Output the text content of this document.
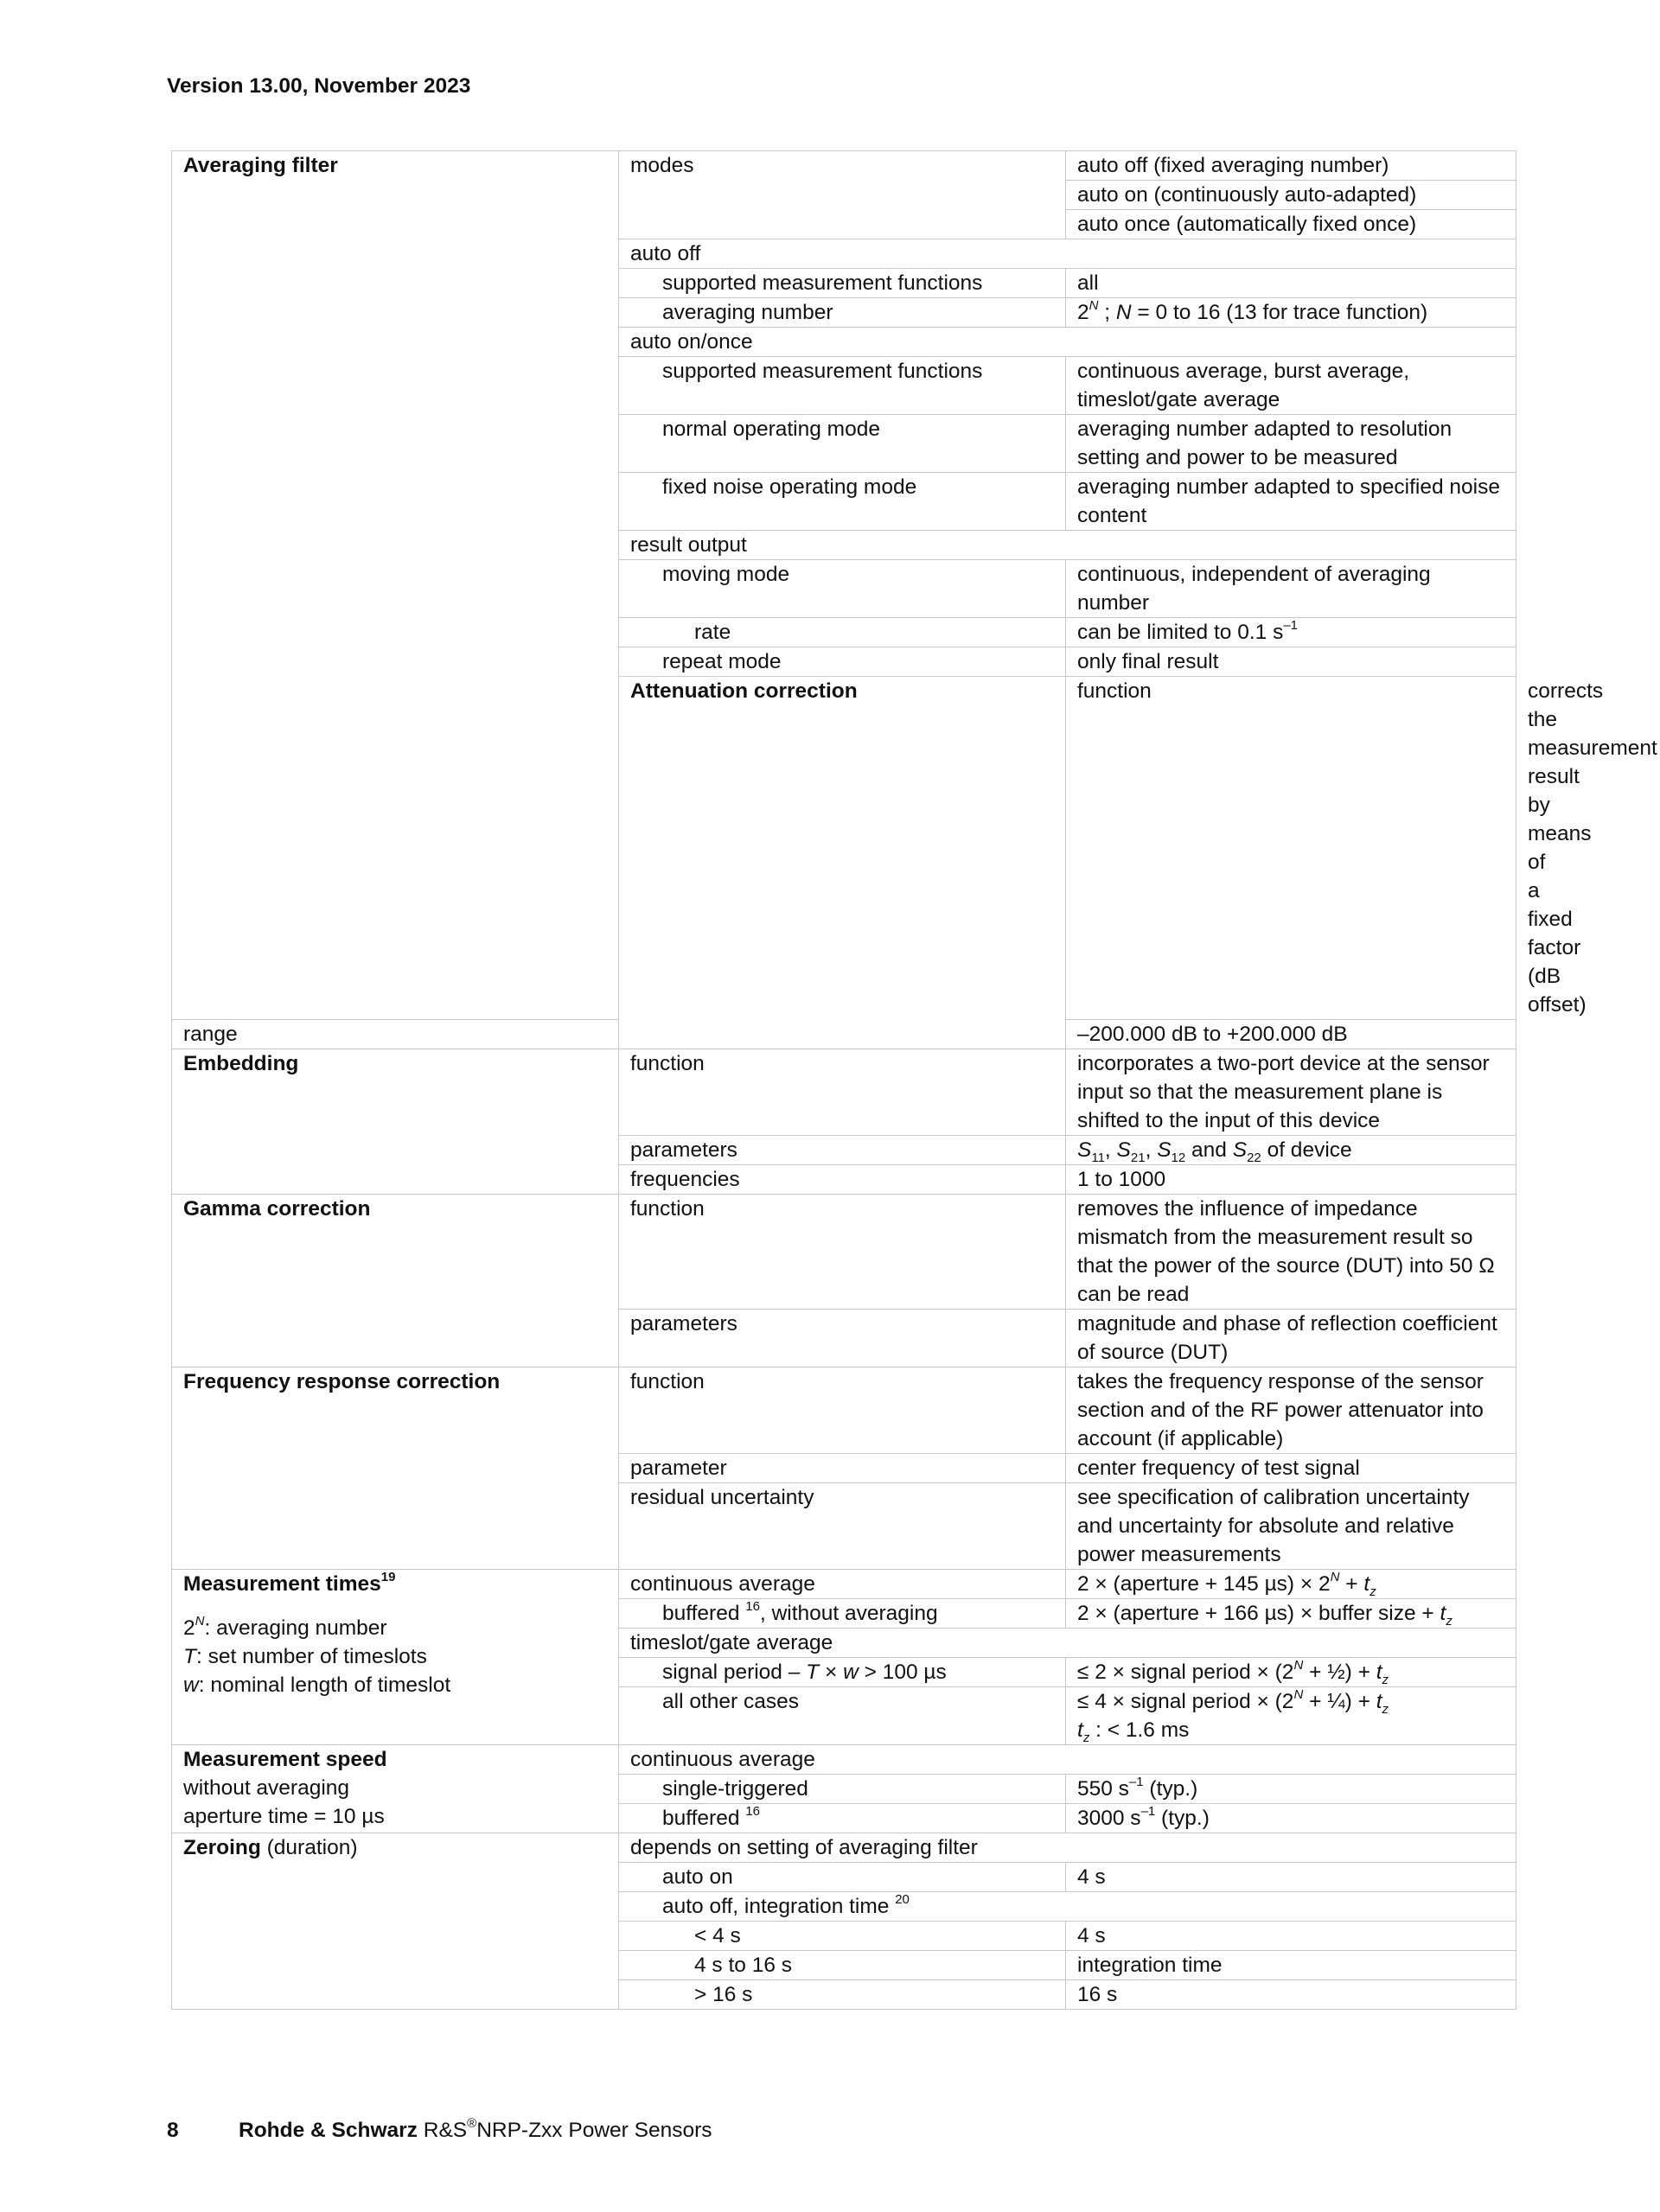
Version 13.00, November 2023
Averaging filter	modes	auto off (fixed averaging number)	
		auto on (continuously auto-adapted)	
		auto once (automatically fixed once)	
	auto off		
	supported measurement functions	all	
	averaging number	$2^N$ ; N = 0 to 16 (13 for trace function)	
	auto on/once		
	supported measurement functions	continuous average, burst average, timeslot/gate average	
	normal operating mode	averaging number adapted to resolution setting and power to be measured	
	fixed noise operating mode	averaging number adapted to specified noise content	
	result output		
	moving mode	continuous, independent of averaging number	
	rate	can be limited to 0.1 $s^{-1}$
	repeat mode	only final result	
	Attenuation correction	function	corrects the measurement result by means of a fixed factor (dB offset)
range		–200.000 dB to +200.000 dB	
Embedding	function	incorporates a two-port device at the sensor input so that the measurement plane is shifted to the input of this device	
	parameters	$S_{11}$, $S_{21}$, $S_{12}$ and $S_{22}$ of device	
	frequencies	1 to 1000	
Gamma correction	function	removes the influence of impedance mismatch from the measurement result so that the power of the source (DUT) into 50 Ω can be read	
	parameters	magnitude and phase of reflection coefficient of source (DUT)	
Frequency response correction	function	takes the frequency response of the sensor section and of the RF power attenuator into account (if applicable)	
	parameter	center frequency of test signal	
	residual uncertainty	see specification of calibration uncertainty and uncertainty for absolute and relative power measurements	

Measurement times$^{19}$
$2^N$: averaging number
T: set number of timeslots
w: nominal length of timeslot	continuous average	2 × (aperture + 145 $\mu s) \times 2^N + t_z$
	buffered $^{16}$, without averaging	2 × (aperture + 166 µs) × buffer size + $t_z$
	timeslot/gate average		
	signal period – T × w > 100 µs	≤ 2 × signal period × ($2^N$ + ½) + $t_z$
	all other cases	≤ 4 × signal period × ($2^N$ + ¼) + $t_z$
$t_z$ : < 1.6 ms	

Measurement speed
without averaging
aperture time = 10 µs	continuous average		
	single-triggered	550 $s^{-1}$ (typ.)	
	buffered $^{16}$	3000 $s^{-1}$ (typ.)	
Zeroing (duration)	depends on setting of averaging filter		
	auto on	4 s	
	auto off, integration time $^{20}$
	< 4 s	4 s	
	4 s to 16 s	integration time	
	> 16 s	16 s	
8	Rohde & Schwarz R&S®NRP-Zxx Power Sensors
